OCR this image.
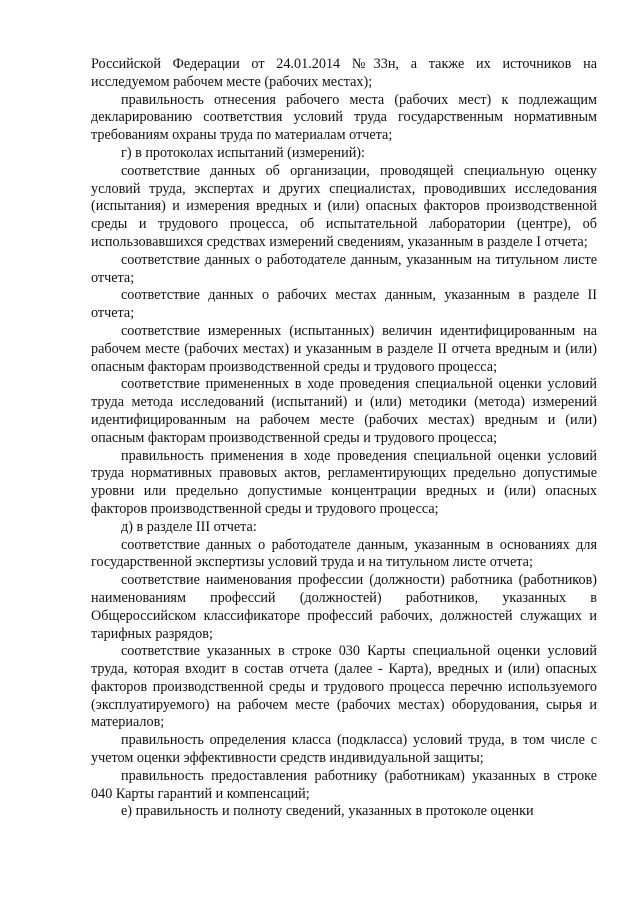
Российской Федерации от 24.01.2014 №33н, а также их источников на исследуемом рабочем месте (рабочих местах);

правильность отнесения рабочего места (рабочих мест) к подлежащим декларированию соответствия условий труда государственным нормативным требованиям охраны труда по материалам отчета;

г) в протоколах испытаний (измерений):

соответствие данных об организации, проводящей специальную оценку условий труда, экспертах и других специалистах, проводивших исследования (испытания) и измерения вредных и (или) опасных факторов производственной среды и трудового процесса, об испытательной лаборатории (центре), об использовавшихся средствах измерений сведениям, указанным в разделе I отчета;

соответствие данных о работодателе данным, указанным на титульном листе отчета;

соответствие данных о рабочих местах данным, указанным в разделе II отчета;

соответствие измеренных (испытанных) величин идентифицированным на рабочем месте (рабочих местах) и указанным в разделе II отчета вредным и (или) опасным факторам производственной среды и трудового процесса;

соответствие примененных в ходе проведения специальной оценки условий труда метода исследований (испытаний) и (или) методики (метода) измерений идентифицированным на рабочем месте (рабочих местах) вредным и (или) опасным факторам производственной среды и трудового процесса;

правильность применения в ходе проведения специальной оценки условий труда нормативных правовых актов, регламентирующих предельно допустимые уровни или предельно допустимые концентрации вредных и (или) опасных факторов производственной среды и трудового процесса;

д) в разделе III отчета:

соответствие данных о работодателе данным, указанным в основаниях для государственной экспертизы условий труда и на титульном листе отчета;

соответствие наименования профессии (должности) работника (работников) наименованиям профессий (должностей) работников, указанных в Общероссийском классификаторе профессий рабочих, должностей служащих и тарифных разрядов;

соответствие указанных в строке 030 Карты специальной оценки условий труда, которая входит в состав отчета (далее - Карта), вредных и (или) опасных факторов производственной среды и трудового процесса перечню используемого (эксплуатируемого) на рабочем месте (рабочих местах) оборудования, сырья и материалов;

правильность определения класса (подкласса) условий труда, в том числе с учетом оценки эффективности средств индивидуальной защиты;

правильность предоставления работнику (работникам) указанных в строке 040 Карты гарантий и компенсаций;

е) правильность и полноту сведений, указанных в протоколе оценки
